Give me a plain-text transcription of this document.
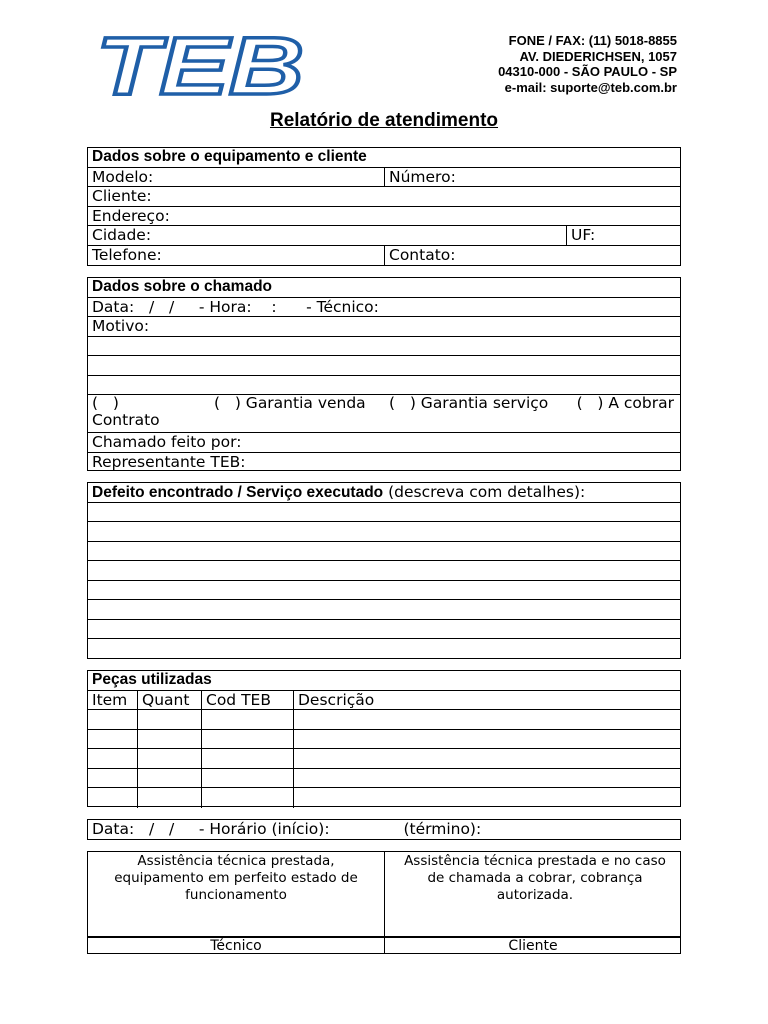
TEB	FONE / FAX: (11) 5018-8855
AV. DIEDERICHSEN, 1057
04310-000 - SÃO PAULO - SP
e-mail: suporte@teb.com.br
Relatório de atendimento
Dados sobre o equipamento e cliente
Modelo:	Número:
Cliente:
Endereço:
Cidade:	UF:
Telefone:	Contato:
Dados sobre o chamado
Data:   /   /     - Hora:    :      - Técnico:
Motivo:
(   )
Contrato
(   ) Garantia venda (   ) Garantia serviço (   ) A cobrar
Chamado feito por:
Representante TEB:
Defeito encontrado / Serviço executado (descreva com detalhes):
Peças utilizadas
Item Quant	Cod TEB	Descrição
Data:   /   /     - Horário (início):               (término):
Assistência técnica prestada, equipamento em perfeito estado de funcionamento
Assistência técnica prestada e no caso de chamada a cobrar, cobrança autorizada.
Técnico	Cliente
